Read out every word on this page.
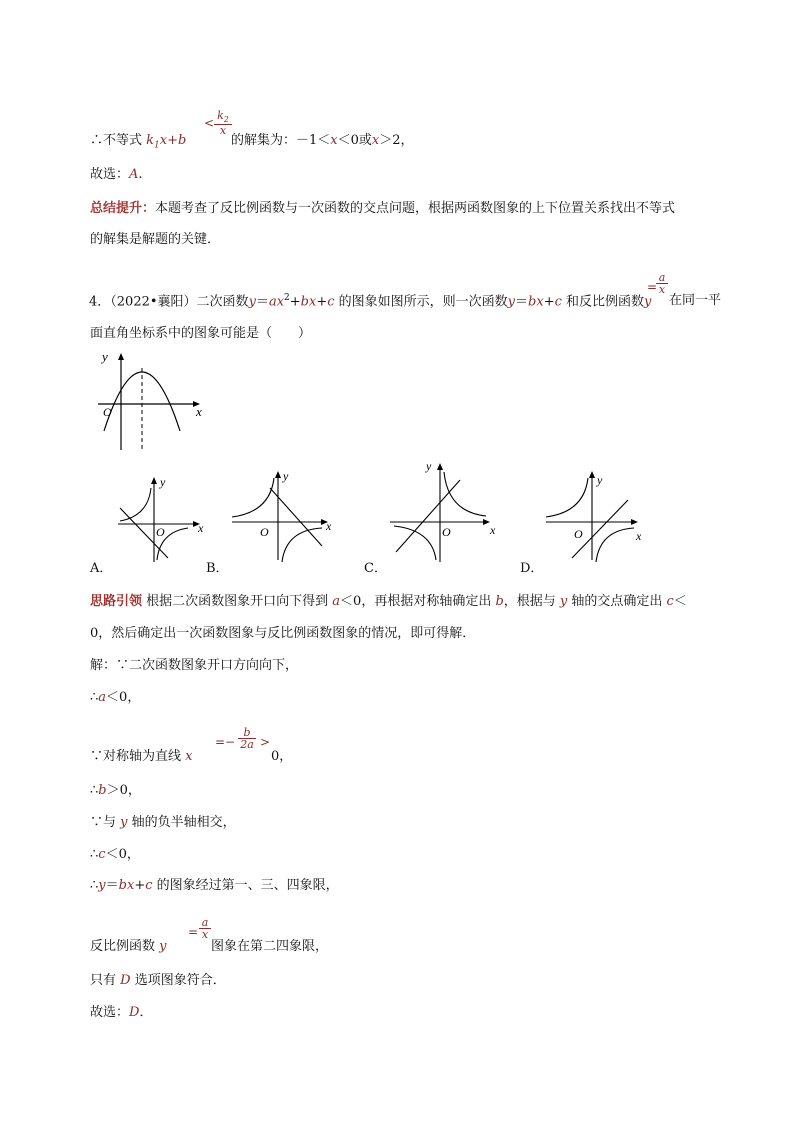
∴不等式 $k_1x+b$
< $\frac{k_2}{x}$
的解集为：－1＜x＜0或x＞2，
故选：A.
总结提升：本题考查了反比例函数与一次函数的交点问题，根据两函数图象的上下位置关系找出不等式
的解集是解题的关键．
4．（2022•襄阳）二次函数$y=ax^2+bx+c$ 的图象如图所示，则一次函数y＝bx+c 和反比例函数y
=
$\frac{a}{x}$
在同一平
面直角坐标系中的图象可能是（　　）
y
O	x
y
O	x
y
O	x
y
O	x
y
O	x
A．	B．	C．	D．
思路引领 根据二次函数图象开口向下得到 a＜0，再根据对称轴确定出 b，根据与 y 轴的交点确定出 c＜
0，然后确定出一次函数图象与反比例函数图象的情况，即可得解．
解：∵二次函数图象开口方向向下，
∴a＜0，
∵对称轴为直线 x
=− $\frac{b}{2a}$ >
0，
∴b＞0，
∵与 y 轴的负半轴相交，
∴c＜0，
∴y＝bx+c 的图象经过第一、三、四象限，
反比例函数 y
= $\frac{a}{x}$
图象在第二四象限，
只有 D 选项图象符合．
故选：D．
